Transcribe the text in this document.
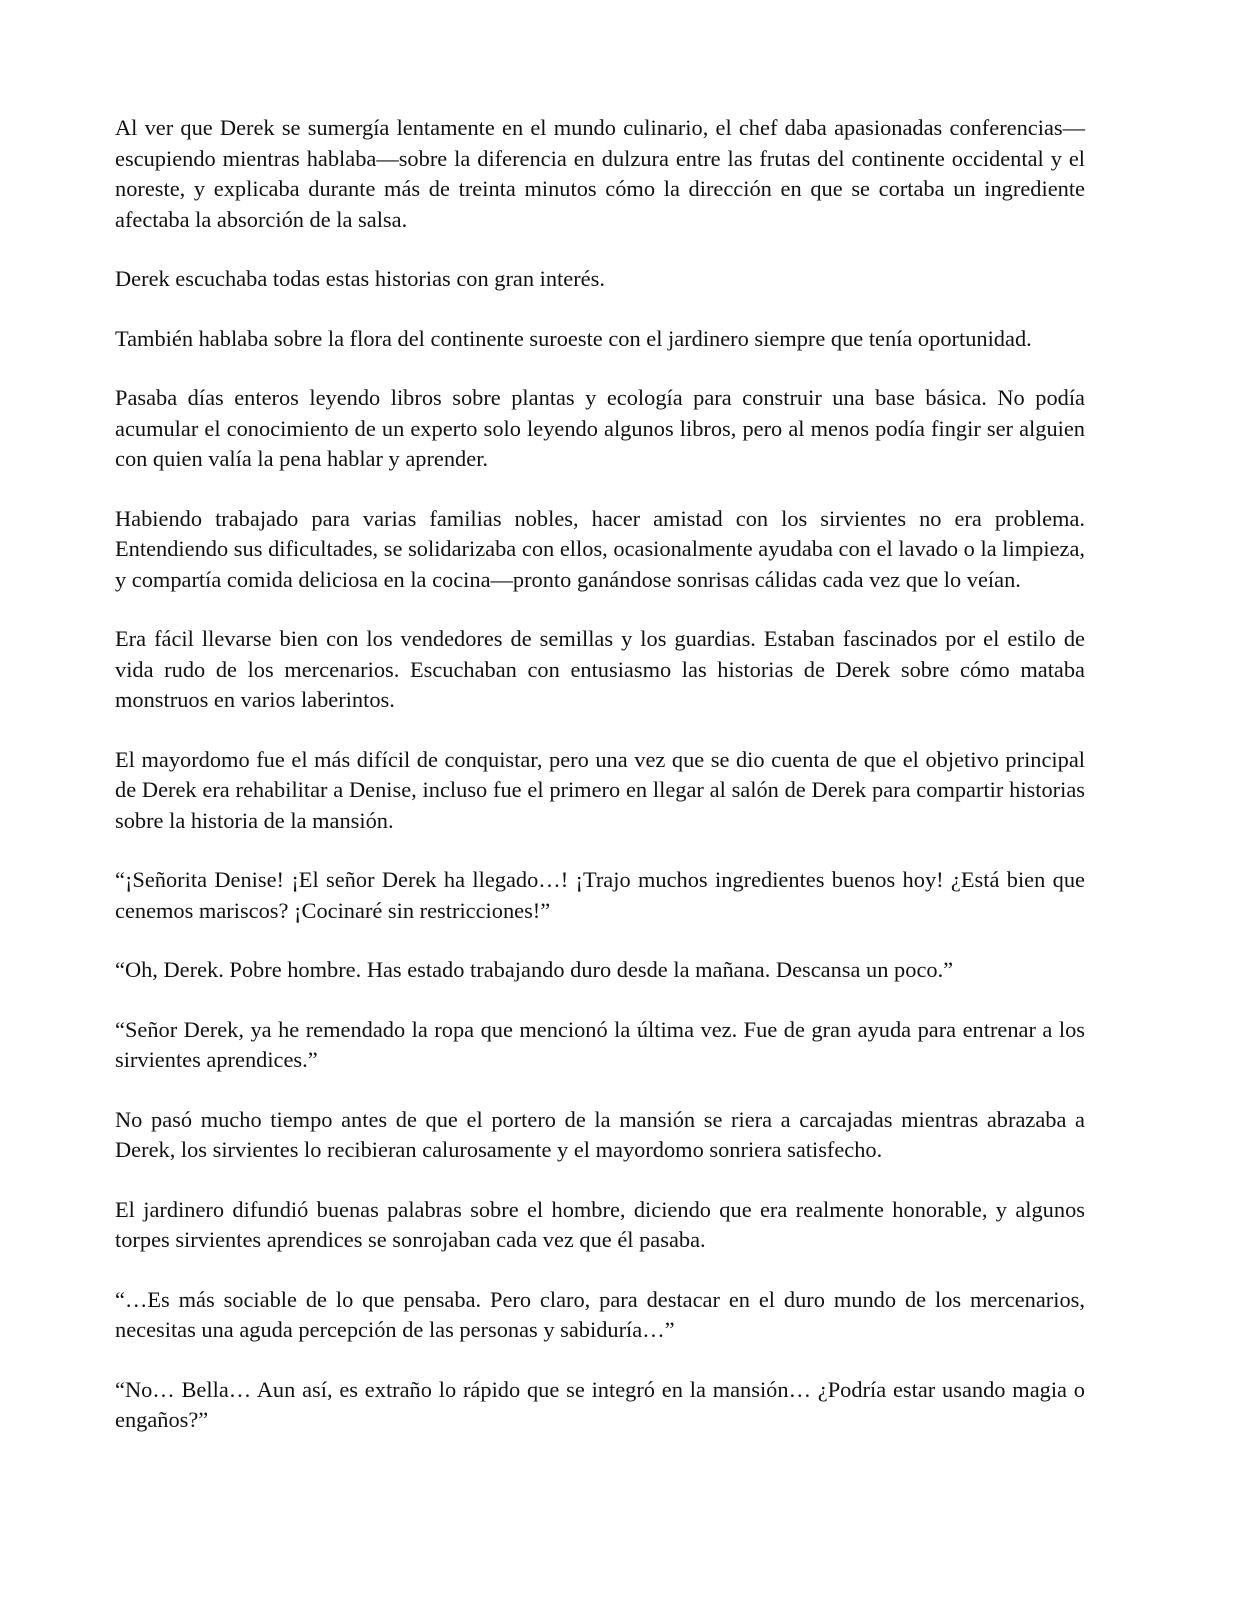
Al ver que Derek se sumergía lentamente en el mundo culinario, el chef daba apasionadas conferencias—escupiendo mientras hablaba—sobre la diferencia en dulzura entre las frutas del continente occidental y el noreste, y explicaba durante más de treinta minutos cómo la dirección en que se cortaba un ingrediente afectaba la absorción de la salsa.

Derek escuchaba todas estas historias con gran interés.

También hablaba sobre la flora del continente suroeste con el jardinero siempre que tenía oportunidad.

Pasaba días enteros leyendo libros sobre plantas y ecología para construir una base básica. No podía acumular el conocimiento de un experto solo leyendo algunos libros, pero al menos podía fingir ser alguien con quien valía la pena hablar y aprender.

Habiendo trabajado para varias familias nobles, hacer amistad con los sirvientes no era problema. Entendiendo sus dificultades, se solidarizaba con ellos, ocasionalmente ayudaba con el lavado o la limpieza, y compartía comida deliciosa en la cocina—pronto ganándose sonrisas cálidas cada vez que lo veían.

Era fácil llevarse bien con los vendedores de semillas y los guardias. Estaban fascinados por el estilo de vida rudo de los mercenarios. Escuchaban con entusiasmo las historias de Derek sobre cómo mataba monstruos en varios laberintos.

El mayordomo fue el más difícil de conquistar, pero una vez que se dio cuenta de que el objetivo principal de Derek era rehabilitar a Denise, incluso fue el primero en llegar al salón de Derek para compartir historias sobre la historia de la mansión.

“¡Señorita Denise! ¡El señor Derek ha llegado…! ¡Trajo muchos ingredientes buenos hoy! ¿Está bien que cenemos mariscos? ¡Cocinaré sin restricciones!”

“Oh, Derek. Pobre hombre. Has estado trabajando duro desde la mañana. Descansa un poco.”

“Señor Derek, ya he remendado la ropa que mencionó la última vez. Fue de gran ayuda para entrenar a los sirvientes aprendices.”

No pasó mucho tiempo antes de que el portero de la mansión se riera a carcajadas mientras abrazaba a Derek, los sirvientes lo recibieran calurosamente y el mayordomo sonriera satisfecho.

El jardinero difundió buenas palabras sobre el hombre, diciendo que era realmente honorable, y algunos torpes sirvientes aprendices se sonrojaban cada vez que él pasaba.

“…Es más sociable de lo que pensaba. Pero claro, para destacar en el duro mundo de los mercenarios, necesitas una aguda percepción de las personas y sabiduría…”

“No… Bella… Aun así, es extraño lo rápido que se integró en la mansión… ¿Podría estar usando magia o engaños?”
